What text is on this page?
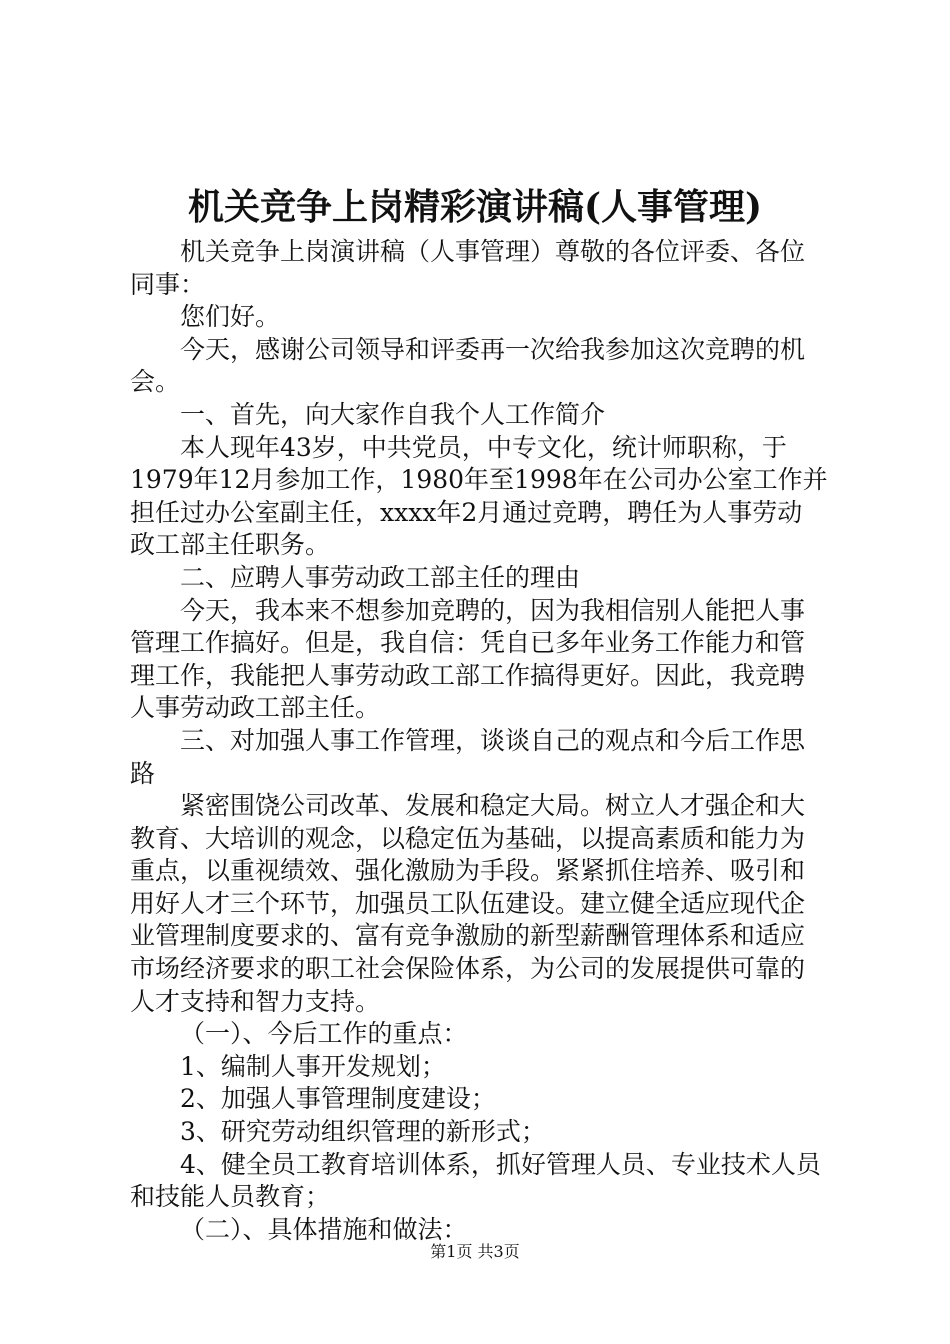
机关竞争上岗精彩演讲稿(人事管理)
机关竞争上岗演讲稿（人事管理）尊敬的各位评委、各位
同事：
您们好。
今天，感谢公司领导和评委再一次给我参加这次竞聘的机
会。
一、首先，向大家作自我个人工作简介
本人现年43岁，中共党员，中专文化，统计师职称，于
1979年12月参加工作，1980年至1998年在公司办公室工作并
担任过办公室副主任，xxxx年2月通过竞聘，聘任为人事劳动
政工部主任职务。
二、应聘人事劳动政工部主任的理由
今天，我本来不想参加竞聘的，因为我相信别人能把人事
管理工作搞好。但是，我自信：凭自已多年业务工作能力和管
理工作，我能把人事劳动政工部工作搞得更好。因此，我竞聘
人事劳动政工部主任。
三、对加强人事工作管理，谈谈自己的观点和今后工作思
路
紧密围饶公司改革、发展和稳定大局。树立人才强企和大
教育、大培训的观念，以稳定伍为基础，以提高素质和能力为
重点，以重视绩效、强化激励为手段。紧紧抓住培养、吸引和
用好人才三个环节，加强员工队伍建设。建立健全适应现代企
业管理制度要求的、富有竞争激励的新型薪酬管理体系和适应
市场经济要求的职工社会保险体系，为公司的发展提供可靠的
人才支持和智力支持。
（一）、今后工作的重点：
1、编制人事开发规划；
2、加强人事管理制度建设；
3、研究劳动组织管理的新形式；
4、健全员工教育培训体系，抓好管理人员、专业技术人员
和技能人员教育；
（二）、具体措施和做法：
第1页 共3页
